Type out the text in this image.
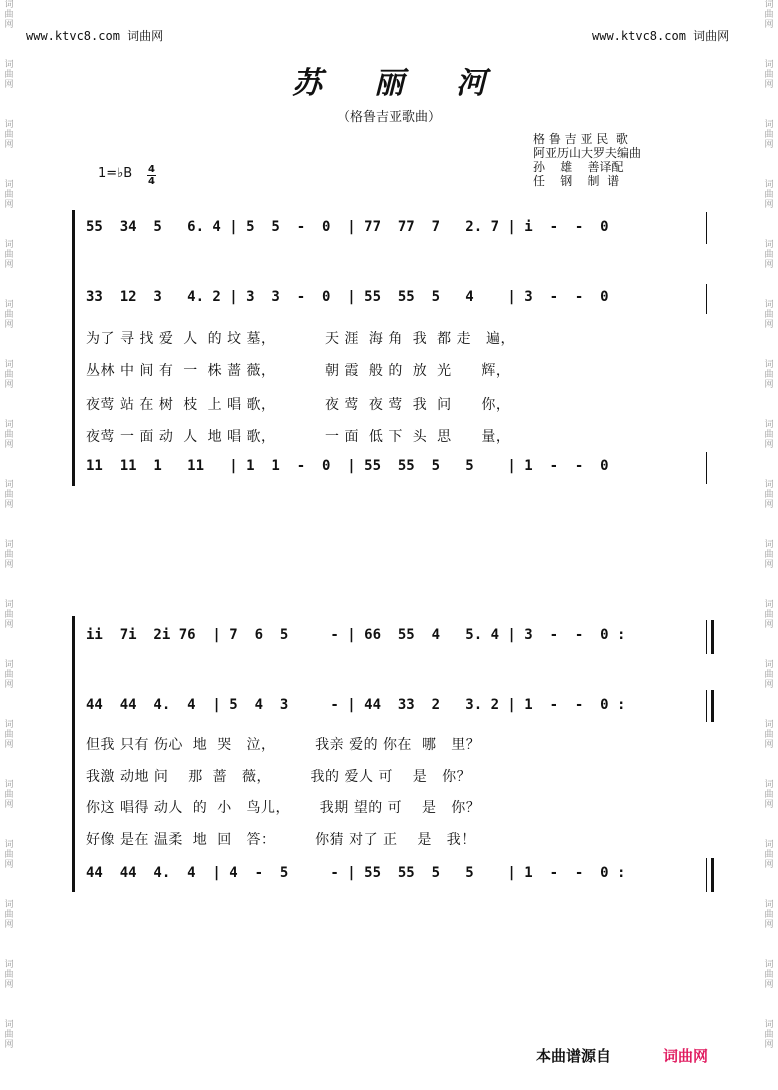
词
曲
网
词
曲
网
词
曲
网
词
曲
网
词
曲
网
词
曲
网
词
曲
网
词
曲
网
词
曲
网
词
曲
网
词
曲
网
词
曲
网
词
曲
网
词
曲
网
词
曲
网
词
曲
网
词
曲
网
词
曲
网
词
曲
网
词
曲
网
词
曲
网
词
曲
网
词
曲
网
词
曲
网
词
曲
网
词
曲
网
词
曲
网
词
曲
网
词
曲
网
词
曲
网
词
曲
网
词
曲
网
词
曲
网
词
曲
网
词
曲
网
词
曲
网
www.ktvc8.com 词曲网	www.ktvc8.com 词曲网
苏 丽 河
（格鲁吉亚歌曲）
格 鲁 吉 亚 民  歌
阿亚历山大罗夫编曲
孙    雄    善译配
任    钢    制  谱
1=♭B 4
4
55  34  5   6. 4 | 5  5  -  0  | 77  77  7   2. 7 | i  -  -  0
33  12  3   4. 2 | 3  3  -  0  | 55  55  5   4    | 3  -  -  0
为了 寻 找 爱  人  的 坟 墓，          天 涯  海 角  我  都 走   遍，
丛林 中 间 有  一  株 蔷 薇，          朝 霞  般 的  放  光      辉，
夜莺 站 在 树  枝  上 唱 歌，          夜 莺  夜 莺  我  问      你，
夜莺 一 面 动  人  地 唱 歌，          一 面  低 下  头  思      量，
11  11  1   11   | 1  1  -  0  | 55  55  5   5    | 1  -  -  0
ii  7i  2i 76  | 7  6  5     - | 66  55  4   5. 4 | 3  -  -  0 :
44  44  4.  4  | 5  4  3     - | 44  33  2   3. 2 | 1  -  -  0 :
但我 只有 伤心  地  哭   泣，        我亲 爱的 你在  哪   里？
我激 动地 问    那  蔷   薇，        我的 爱人 可    是   你？
你这 唱得 动人  的  小   鸟儿，      我期 望的 可    是   你？
好像 是在 温柔  地  回   答：        你猜 对了 正    是   我！
44  44  4.  4  | 4  -  5     - | 55  55  5   5    | 1  -  -  0 :
本曲谱源自	词曲网
